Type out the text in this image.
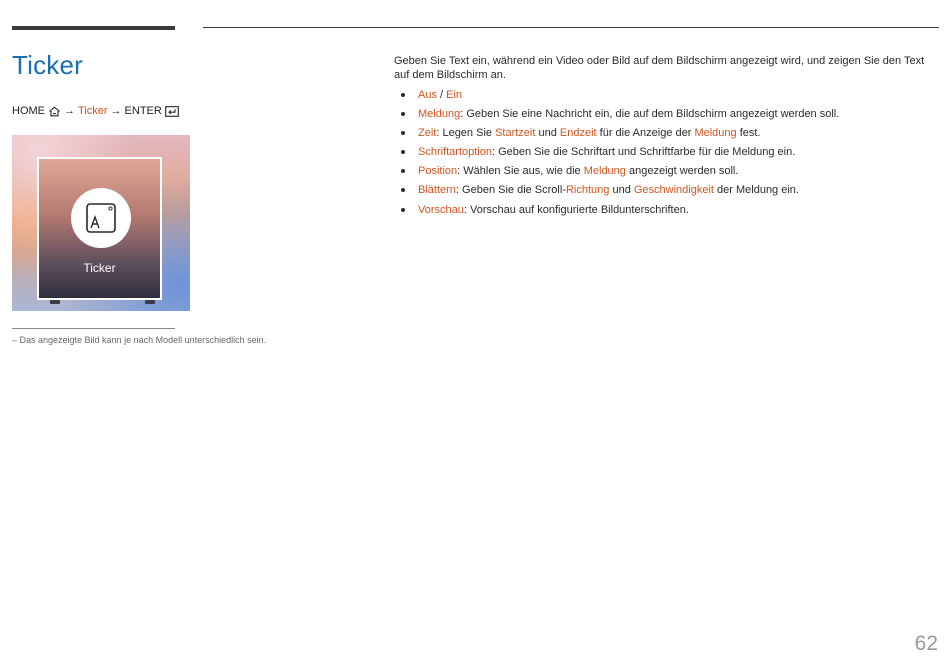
Ticker
HOME → Ticker → ENTER
Ticker
– Das angezeigte Bild kann je nach Modell unterschiedlich sein.

Geben Sie Text ein, während ein Video oder Bild auf dem Bildschirm angezeigt wird, und zeigen Sie den Text auf dem Bildschirm an.

Aus / Ein
Meldung: Geben Sie eine Nachricht ein, die auf dem Bildschirm angezeigt werden soll.
Zeit: Legen Sie Startzeit und Endzeit für die Anzeige der Meldung fest.
Schriftartoption: Geben Sie die Schriftart und Schriftfarbe für die Meldung ein.
Position: Wählen Sie aus, wie die Meldung angezeigt werden soll.
Blättern: Geben Sie die Scroll-Richtung und Geschwindigkeit der Meldung ein.
Vorschau: Vorschau auf konfigurierte Bildunterschriften.
62
